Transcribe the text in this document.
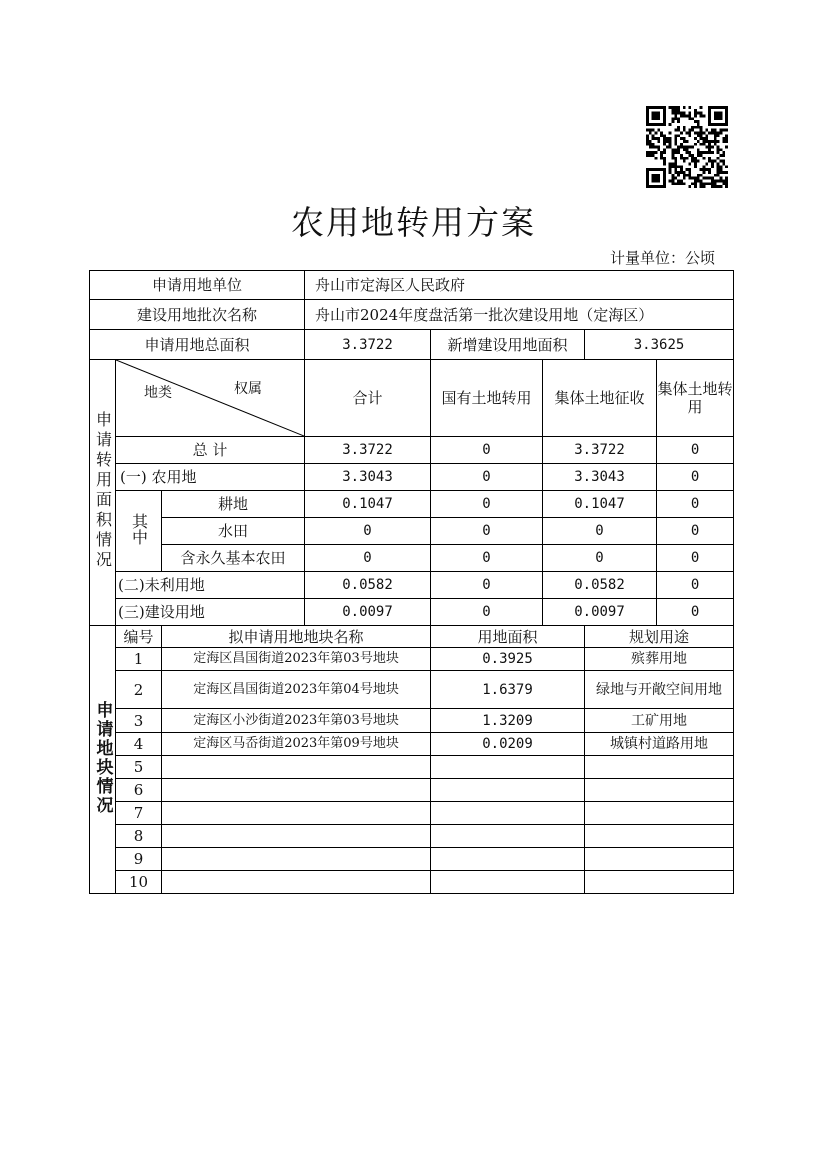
农用地转用方案
计量单位：公顷
申请用地单位			舟山市定海区人民政府				
建设用地批次名称			舟山市2024年度盘活第一批次建设用地（定海区）				
申请用地总面积			3.3722	新增建设用地面积		3.3625	
申请转用面积情况	地类 权属		合计	国有土地转用	集体土地征收		集体土地转用
	总 计		3.3722	0	3.3722		0
	(一) 农用地		3.3043	0	3.3043		0
	其中	耕地	0.1047	0	0.1047		0
		水田	0	0	0		0
		含永久基本农田	0	0	0		0
	(二)未利用地		0.0582	0	0.0582		0
	(三)建设用地		0.0097	0	0.0097		0
申请地块情况	编号	拟申请用地地块名称		用地面积		规划用途	
	1	定海区昌国街道2023年第03号地块		0.3925		殡葬用地	
	2	定海区昌国街道2023年第04号地块		1.6379		绿地与开敞空间用地	
	3	定海区小沙街道2023年第03号地块		1.3209		工矿用地	
	4	定海区马岙街道2023年第09号地块		0.0209		城镇村道路用地	
	5						
	6						
	7						
	8						
	9						
	10						
